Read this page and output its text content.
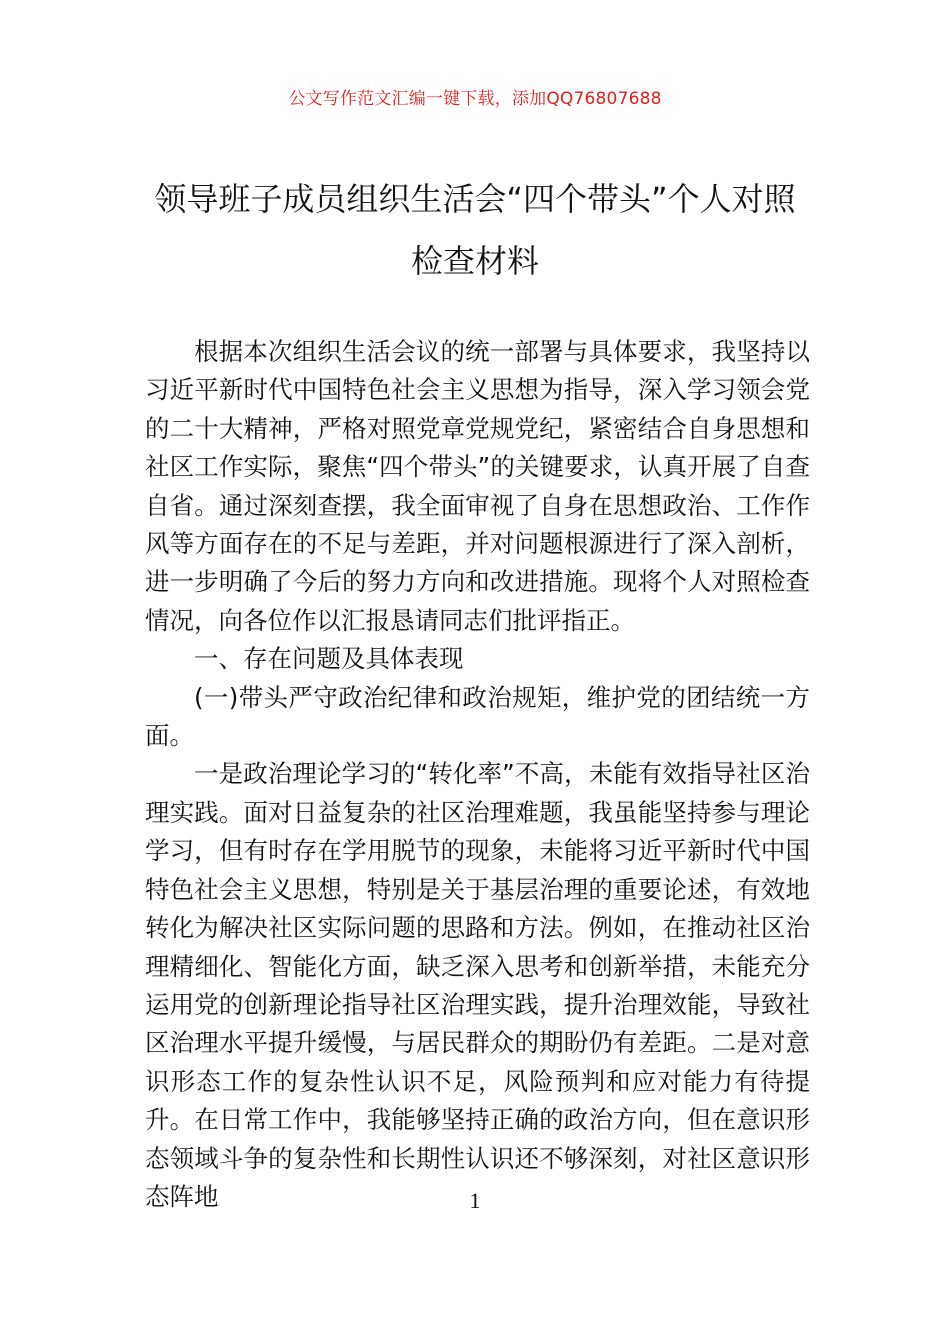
公文写作范文汇编一键下载，添加QQ76807688
领导班子成员组织生活会“四个带头”个人对照检查材料

根据本次组织生活会议的统一部署与具体要求，我坚持以习近平新时代中国特色社会主义思想为指导，深入学习领会党的二十大精神，严格对照党章党规党纪，紧密结合自身思想和社区工作实际，聚焦“四个带头”的关键要求，认真开展了自查自省。通过深刻查摆，我全面审视了自身在思想政治、工作作风等方面存在的不足与差距，并对问题根源进行了深入剖析，进一步明确了今后的努力方向和改进措施。现将个人对照检查情况，向各位作以汇报恳请同志们批评指正。

一、存在问题及具体表现

(一)带头严守政治纪律和政治规矩，维护党的团结统一方面。

一是政治理论学习的“转化率”不高，未能有效指导社区治理实践。面对日益复杂的社区治理难题，我虽能坚持参与理论学习，但有时存在学用脱节的现象，未能将习近平新时代中国特色社会主义思想，特别是关于基层治理的重要论述，有效地转化为解决社区实际问题的思路和方法。例如，在推动社区治理精细化、智能化方面，缺乏深入思考和创新举措，未能充分运用党的创新理论指导社区治理实践，提升治理效能，导致社区治理水平提升缓慢，与居民群众的期盼仍有差距。二是对意识形态工作的复杂性认识不足，风险预判和应对能力有待提升。在日常工作中，我能够坚持正确的政治方向，但在意识形态领域斗争的复杂性和长期性认识还不够深刻，对社区意识形态阵地	1
